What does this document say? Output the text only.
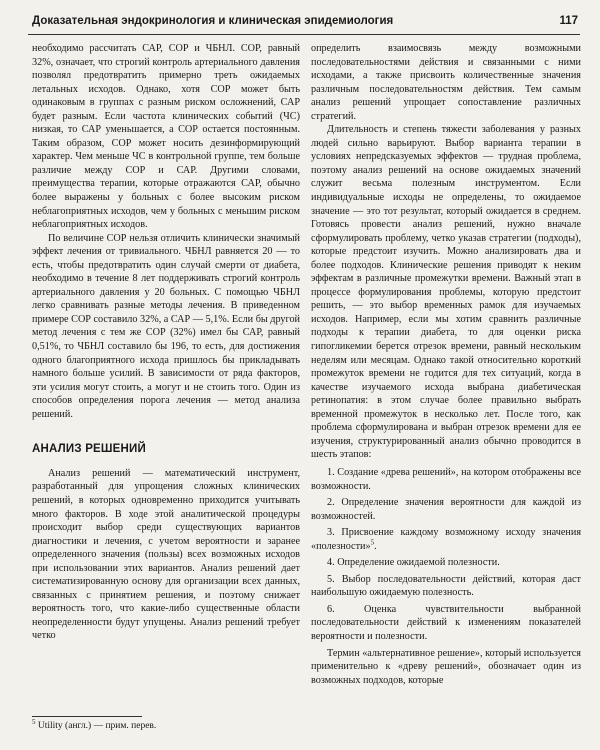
Доказательная эндокринология и клиническая эпидемиология	117

необходимо рассчитать САР, СОР и ЧБНЛ. СОР, равный 32%, означает, что строгий контроль артериального давления позволял предотвратить примерно треть ожидаемых летальных исходов. Однако, хотя СОР может быть одинаковым в группах с разным риском осложнений, САР будет разным. Если частота клинических событий (ЧС) низкая, то САР уменьшается, а СОР остается постоянным. Таким образом, СОР может носить дезинформирующий характер. Чем меньше ЧС в контрольной группе, тем больше различие между СОР и САР. Другими словами, преимущества терапии, которые отражаются САР, обычно более выражены у больных с более высоким риском неблагоприятных исходов, чем у больных с меньшим риском неблагоприятных исходов.

По величине СОР нельзя отличить клинически значимый эффект лечения от тривиального. ЧБНЛ равняется 20 — то есть, чтобы предотвратить один случай смерти от диабета, необходимо в течение 8 лет поддерживать строгий контроль артериального давления у 20 больных. С помощью ЧБНЛ легко сравнивать разные методы лечения. В приведенном примере СОР составило 32%, а САР — 5,1%. Если бы другой метод лечения с тем же СОР (32%) имел бы САР, равный 0,51%, то ЧБНЛ составило бы 196, то есть, для достижения одного благоприятного исхода пришлось бы прикладывать намного больше усилий. В зависимости от ряда факторов, эти усилия могут стоить, а могут и не стоить того. Один из способов определения порога лечения — метод анализа решений.

АНАЛИЗ РЕШЕНИЙ

Анализ решений — математический инструмент, разработанный для упрощения сложных клинических решений, в которых одновременно приходится учитывать много факторов. В ходе этой аналитической процедуры происходит выбор среди существующих вариантов диагностики и лечения, с учетом вероятности и заранее определенного значения (пользы) всех возможных исходов при использовании этих вариантов. Анализ решений дает систематизированную основу для организации всех данных, связанных с принятием решения, и поэтому снижает вероятность того, что какие-либо существенные области неопределенности будут упущены. Анализ решений требует четко

определить взаимосвязь между возможными последовательностями действия и связанными с ними исходами, а также присвоить количественные значения различным последовательностям действия. Тем самым анализ решений упрощает сопоставление различных стратегий.

Длительность и степень тяжести заболевания у разных людей сильно варьируют. Выбор варианта терапии в условиях непредсказуемых эффектов — трудная проблема, поэтому анализ решений на основе ожидаемых значений служит весьма полезным инструментом. Если индивидуальные исходы не определены, то ожидаемое значение — это тот результат, который ожидается в среднем. Готовясь провести анализ решений, нужно вначале сформулировать проблему, четко указав стратегии (подходы), которые предстоит изучить. Можно анализировать два и более подходов. Клинические решения приводят к неким эффектам в различные промежутки времени. Важный этап в процессе формулирования проблемы, которую предстоит решить, — это выбор временных рамок для изучаемых исходов. Например, если мы хотим сравнить различные подходы к терапии диабета, то для оценки риска гипогликемии берется отрезок времени, равный нескольким неделям или месяцам. Однако такой относительно короткий промежуток времени не годится для тех ситуаций, когда в качестве изучаемого исхода выбрана диабетическая ретинопатия: в этом случае более правильно выбрать временной промежуток в несколько лет. После того, как проблема сформулирована и выбран отрезок времени для ее изучения, структурированный анализ обычно проводится в шесть этапов:

1. Создание «древа решений», на котором отображены все возможности.

2. Определение значения вероятности для каждой из возможностей.

3. Присвоение каждому возможному исходу значения «полезности»$^5$.

4. Определение ожидаемой полезности.

5. Выбор последовательности действий, которая даст наибольшую ожидаемую полезность.

6. Оценка чувствительности выбранной последовательности действий к изменениям показателей вероятности и полезности.

Термин «альтернативное решение», который используется применительно к «древу решений», обозначает один из возможных подходов, которые

$^5$ Utility (англ.) — прим. перев.
